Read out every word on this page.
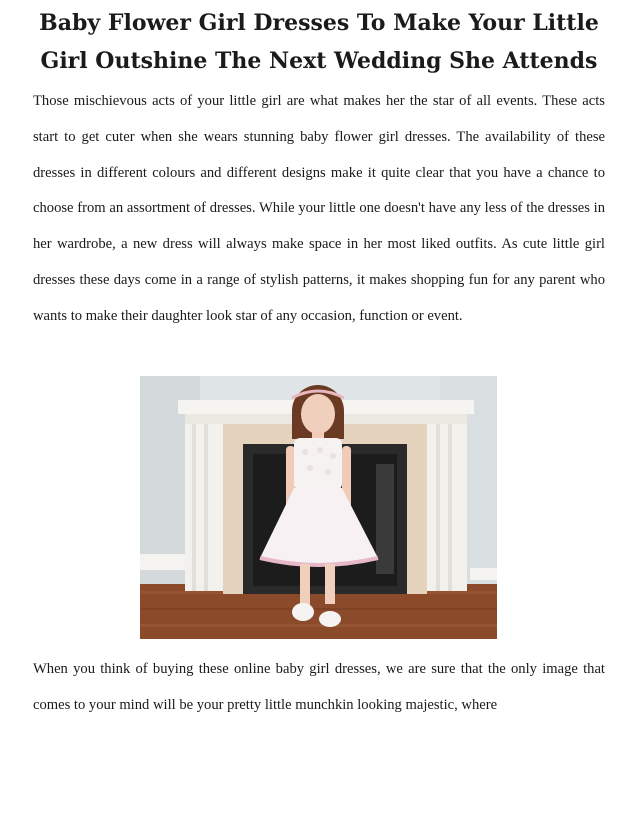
Baby Flower Girl Dresses To Make Your Little Girl Outshine The Next Wedding She Attends

Those mischievous acts of your little girl are what makes her the star of all events. These acts start to get cuter when she wears stunning baby flower girl dresses. The availability of these dresses in different colours and different designs make it quite clear that you have a chance to choose from an assortment of dresses. While your little one doesn't have any less of the dresses in her wardrobe, a new dress will always make space in her most liked outfits. As cute little girl dresses these days come in a range of stylish patterns, it makes shopping fun for any parent who wants to make their daughter look star of any occasion, function or event.

When you think of buying these online baby girl dresses, we are sure that the only image that comes to your mind will be your pretty little munchkin looking majestic, where
